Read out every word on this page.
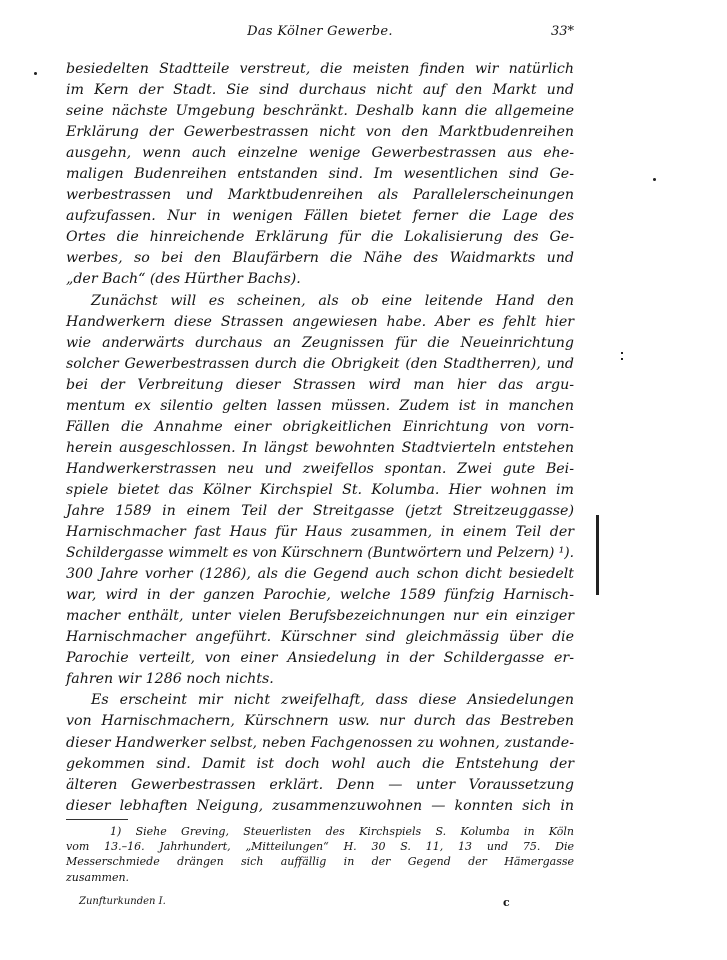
Das Kölner Gewerbe.	33*
besiedelten Stadtteile verstreut, die meisten finden wir natürlich
im Kern der Stadt. Sie sind durchaus nicht auf den Markt und
seine nächste Umgebung beschränkt. Deshalb kann die allgemeine
Erklärung der Gewerbestrassen nicht von den Marktbudenreihen
ausgehn, wenn auch einzelne wenige Gewerbestrassen aus ehe-
maligen Budenreihen entstanden sind. Im wesentlichen sind Ge-
werbestrassen und Marktbudenreihen als Parallelerscheinungen
aufzufassen. Nur in wenigen Fällen bietet ferner die Lage des
Ortes die hinreichende Erklärung für die Lokalisierung des Ge-
werbes, so bei den Blaufärbern die Nähe des Waidmarkts und
„der Bach“ (des Hürther Bachs).
Zunächst will es scheinen, als ob eine leitende Hand den
Handwerkern diese Strassen angewiesen habe. Aber es fehlt hier
wie anderwärts durchaus an Zeugnissen für die Neueinrichtung
solcher Gewerbestrassen durch die Obrigkeit (den Stadtherren), und
bei der Verbreitung dieser Strassen wird man hier das argu-
mentum ex silentio gelten lassen müssen. Zudem ist in manchen
Fällen die Annahme einer obrigkeitlichen Einrichtung von vorn-
herein ausgeschlossen. In längst bewohnten Stadtvierteln entstehen
Handwerkerstrassen neu und zweifellos spontan. Zwei gute Bei-
spiele bietet das Kölner Kirchspiel St. Kolumba. Hier wohnen im
Jahre 1589 in einem Teil der Streitgasse (jetzt Streitzeuggasse)
Harnischmacher fast Haus für Haus zusammen, in einem Teil der
Schildergasse wimmelt es von Kürschnern (Buntwörtern und Pelzern) ¹).
300 Jahre vorher (1286), als die Gegend auch schon dicht besiedelt
war, wird in der ganzen Parochie, welche 1589 fünfzig Harnisch-
macher enthält, unter vielen Berufsbezeichnungen nur ein einziger
Harnischmacher angeführt. Kürschner sind gleichmässig über die
Parochie verteilt, von einer Ansiedelung in der Schildergasse er-
fahren wir 1286 noch nichts.
Es erscheint mir nicht zweifelhaft, dass diese Ansiedelungen
von Harnischmachern, Kürschnern usw. nur durch das Bestreben
dieser Handwerker selbst, neben Fachgenossen zu wohnen, zustande-
gekommen sind. Damit ist doch wohl auch die Entstehung der
älteren Gewerbestrassen erklärt. Denn — unter Voraussetzung
dieser lebhaften Neigung, zusammenzuwohnen — konnten sich in
1) Siehe Greving, Steuerlisten des Kirchspiels S. Kolumba in Köln
vom 13.–16. Jahrhundert, „Mitteilungen“ H. 30 S. 11, 13 und 75. Die
Messerschmiede drängen sich auffällig in der Gegend der Hämergasse
zusammen.
Zunfturkunden I.	c
